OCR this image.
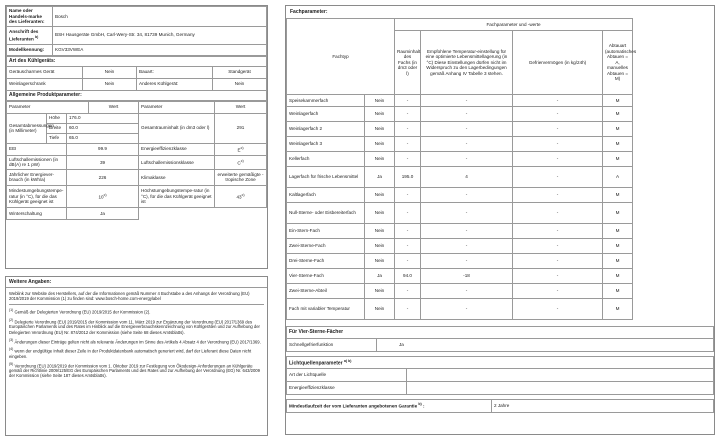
Name oder Handels-marke des Lieferanten:	Bosch
Anschrift des Lieferanten $^{b)}$	BSH Hausgeräte GmbH, Carl-Wery-Str. 34, 81739 Munich, Germany
Modellkennung:	KGV33VWEA
Art des Kühlgeräts:			
Geräuscharmes Gerät	Nein	Bauart:	Standgerät
Weinlagerschrank	Nein	Anderes Kühlgerät:	Nein
Allgemeine Produktparameter:			
Parameter			Wert	Parameter	Wert
Gesamtabmessungen (in Millimeter)	Höhe	176.0		Gesamtrauminhalt (in dm3 oder l)	291
	Breite	60.0			
	Tiefe	65.0			
EEI		99.9		Energieeffizienzklasse	$E^{c)}$
Luftschallemissionen (in dB(A) re 1 pW)		39		Luftschallemissionsklasse	$C^{c)}$
Jährlicher Energiever-brauch (in kWh/a)		226		Klimaklasse	erweiterte gemäßigte - tropische Zone
Mindestumgebungstempe-ratur (in °C), für die das Kühlgerät geeignet ist		10$^{c)}$		Höchstumgebungstempe-ratur (in °C), für die das Kühlgerät geeignet ist	43$^{c)}$
Winterschaltung		Ja			
Weitere Angaben:

Weblink zur Website des Herstellers, auf der die Informationen gemäß Nummer 4 Buchstabe a des Anhangs der Verordnung (EU) 2019/2019 der Kommission (1) zu finden sind: www.bosch-home.com-energylabel

$^{(1)}$ Gemäß der Delegierten Verordnung (EU) 2019/2015 der Kommission (2).

$^{(2)}$ Delegierte Verordnung (EU) 2019/2015 der Kommission vom 11. März 2019 zur Ergänzung der Verordnung (EU) 2017/1369 des Europäischen Parlaments und des Rates im Hinblick auf die Energieverbrauchskennzeichnung von Kühlgeräten und zur Aufhebung der Delegierten Verordnung (EU) Nr. 874/2012 der Kommission (siehe Seite 68 dieses Amtsblatts).

$^{(3)}$ Änderungen dieser Einträge gelten nicht als relevante Änderungen im Sinne des Artikels 4 Absatz 4 der Verordnung (EU) 2017/1369.

$^{(4)}$ wenn der endgültige Inhalt dieser Zeile in der Produktdatenbank automatisch generiert wird, darf der Lieferant diese Daten nicht eingeben.

$^{(5)}$ Verordnung (EU) 2019/2019 der Kommission vom 1. Oktober 2019 zur Festlegung von Ökodesign-Anforderungen an Kühlgeräte gemäß der Richtlinie 2009/125/EG des Europäischen Parlaments und des Rates und zur Aufhebung der Verordnung (EG) Nr. 643/2009 der Kommission (siehe Seite 187 dieses Amtsblatts).

Fachparameter:
Fachtyp		Fachparameter und -werte				
		Rauminhalt des Fachs (in dm3 oder l)	Empfohlene Temperatur-einstellung für eine optimierte Lebensmittellagerung (in °C) Diese Einstellungen dürfen nicht im Widerspruch zu den Lagerbedingungen gemäß Anhang IV Tabelle 3 stehen.	Gefriervermögen (in kg/24h)	Abtauart (automatisches Abtauen = A, manuelles Abtauen = M)	
Speisekammerfach	Nein	-	-	-	M	
Weinlagerfach	Nein	-	-	-	M	
Weinlagerfach 2	Nein	-	-	-	M	
Weinlagerfach 3	Nein	-	-	-	M	
Kellerfach	Nein	-	-	-	M	
Lagerfach für frische Lebensmittel	Ja	195.0	4	-	A	
Kaltlagerfach	Nein	-	-	-	M	
Null-Sterne- oder Eisbereiterfach	Nein	-	-	-	M	
Ein-Stern-Fach	Nein	-	-	-	M	
Zwei-Sterne-Fach	Nein	-	-	-	M	
Drei-Sterne-Fach	Nein	-	-	-	M	
Vier-Sterne-Fach	Ja	94.0	-18	-	M	
Zwei-Sterne-Abteil	Nein	-	-	-	M	
Fach mit variabler Temperatur	Nein	-	-	-	M	
Für Vier-Sterne-Fächer
Schnellgefrierfunktion	Ja
Lichtquellenparameter $^{a) b)}$
Art der Lichtquelle	
Energieeffizienzklasse	
Mindestlaufzeit der vom Lieferanten angebotenen Garantie $^{b)}$ :	2 Jahre
